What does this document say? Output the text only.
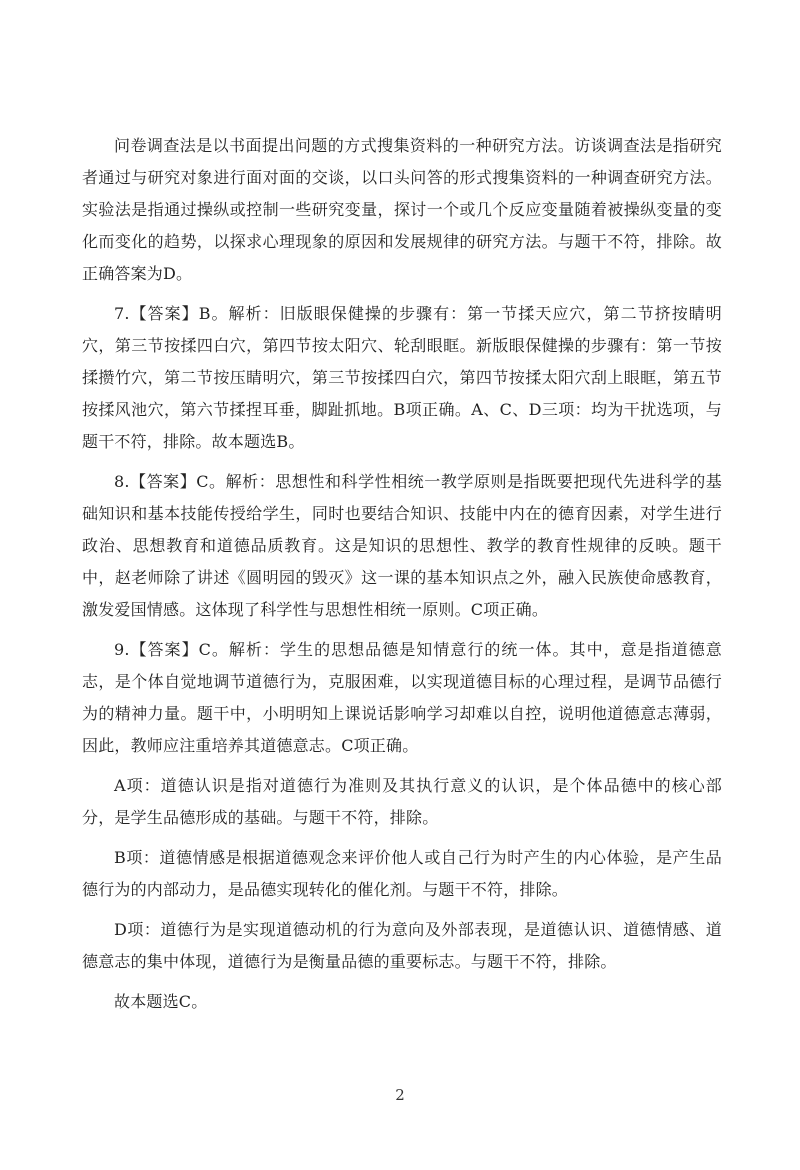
问卷调查法是以书面提出问题的方式搜集资料的一种研究方法。访谈调查法是指研究者通过与研究对象进行面对面的交谈，以口头问答的形式搜集资料的一种调查研究方法。实验法是指通过操纵或控制一些研究变量，探讨一个或几个反应变量随着被操纵变量的变化而变化的趋势，以探求心理现象的原因和发展规律的研究方法。与题干不符，排除。故正确答案为D。

7.【答案】B。解析：旧版眼保健操的步骤有：第一节揉天应穴，第二节挤按睛明穴，第三节按揉四白穴，第四节按太阳穴、轮刮眼眶。新版眼保健操的步骤有：第一节按揉攒竹穴，第二节按压睛明穴，第三节按揉四白穴，第四节按揉太阳穴刮上眼眶，第五节按揉风池穴，第六节揉捏耳垂，脚趾抓地。B项正确。A、C、D三项：均为干扰选项，与题干不符，排除。故本题选B。

8.【答案】C。解析：思想性和科学性相统一教学原则是指既要把现代先进科学的基础知识和基本技能传授给学生，同时也要结合知识、技能中内在的德育因素，对学生进行政治、思想教育和道德品质教育。这是知识的思想性、教学的教育性规律的反映。题干中，赵老师除了讲述《圆明园的毁灭》这一课的基本知识点之外，融入民族使命感教育，激发爱国情感。这体现了科学性与思想性相统一原则。C项正确。

9.【答案】C。解析：学生的思想品德是知情意行的统一体。其中，意是指道德意志，是个体自觉地调节道德行为，克服困难，以实现道德目标的心理过程，是调节品德行为的精神力量。题干中，小明明知上课说话影响学习却难以自控，说明他道德意志薄弱，因此，教师应注重培养其道德意志。C项正确。

A项：道德认识是指对道德行为准则及其执行意义的认识，是个体品德中的核心部分，是学生品德形成的基础。与题干不符，排除。

B项：道德情感是根据道德观念来评价他人或自己行为时产生的内心体验，是产生品德行为的内部动力，是品德实现转化的催化剂。与题干不符，排除。

D项：道德行为是实现道德动机的行为意向及外部表现，是道德认识、道德情感、道德意志的集中体现，道德行为是衡量品德的重要标志。与题干不符，排除。

故本题选C。

2
